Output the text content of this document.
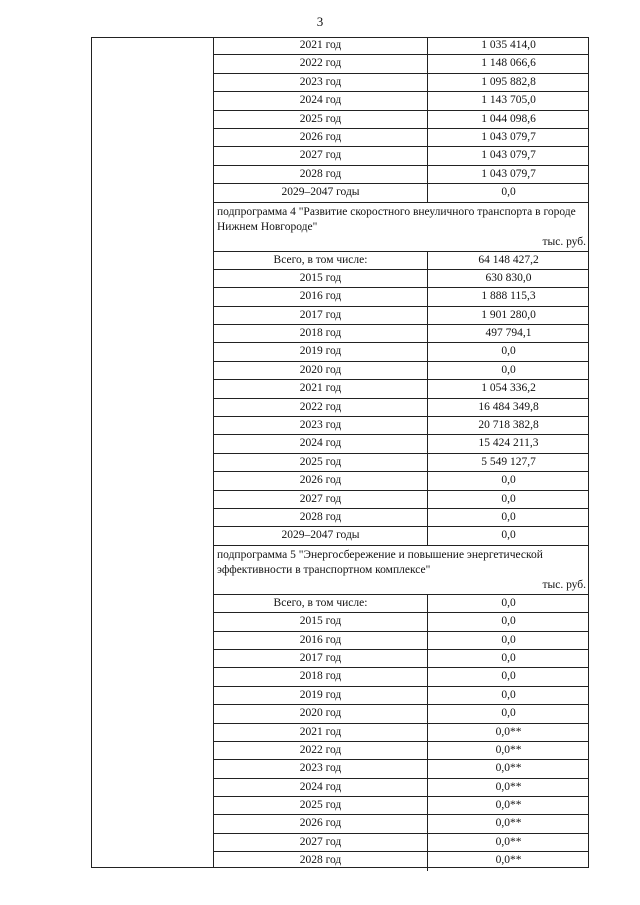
3
2021 год	1 035 414,0
2022 год	1 148 066,6
2023 год	1 095 882,8
2024 год	1 143 705,0
2025 год	1 044 098,6
2026 год	1 043 079,7
2027 год	1 043 079,7
2028 год	1 043 079,7
2029–2047 годы	0,0
подпрограмма 4 "Развитие скоростного внеуличного транспорта в городе Нижнем Новгороде"
тыс. руб.
Всего, в том числе:	64 148 427,2
2015 год	630 830,0
2016 год	1 888 115,3
2017 год	1 901 280,0
2018 год	497 794,1
2019 год	0,0
2020 год	0,0
2021 год	1 054 336,2
2022 год	16 484 349,8
2023 год	20 718 382,8
2024 год	15 424 211,3
2025 год	5 549 127,7
2026 год	0,0
2027 год	0,0
2028 год	0,0
2029–2047 годы	0,0
подпрограмма 5 "Энергосбережение и повышение энергетической эффективности в транспортном комплексе"
тыс. руб.
Всего, в том числе:	0,0
2015 год	0,0
2016 год	0,0
2017 год	0,0
2018 год	0,0
2019 год	0,0
2020 год	0,0
2021 год	0,0**
2022 год	0,0**
2023 год	0,0**
2024 год	0,0**
2025 год	0,0**
2026 год	0,0**
2027 год	0,0**
2028 год	0,0**
